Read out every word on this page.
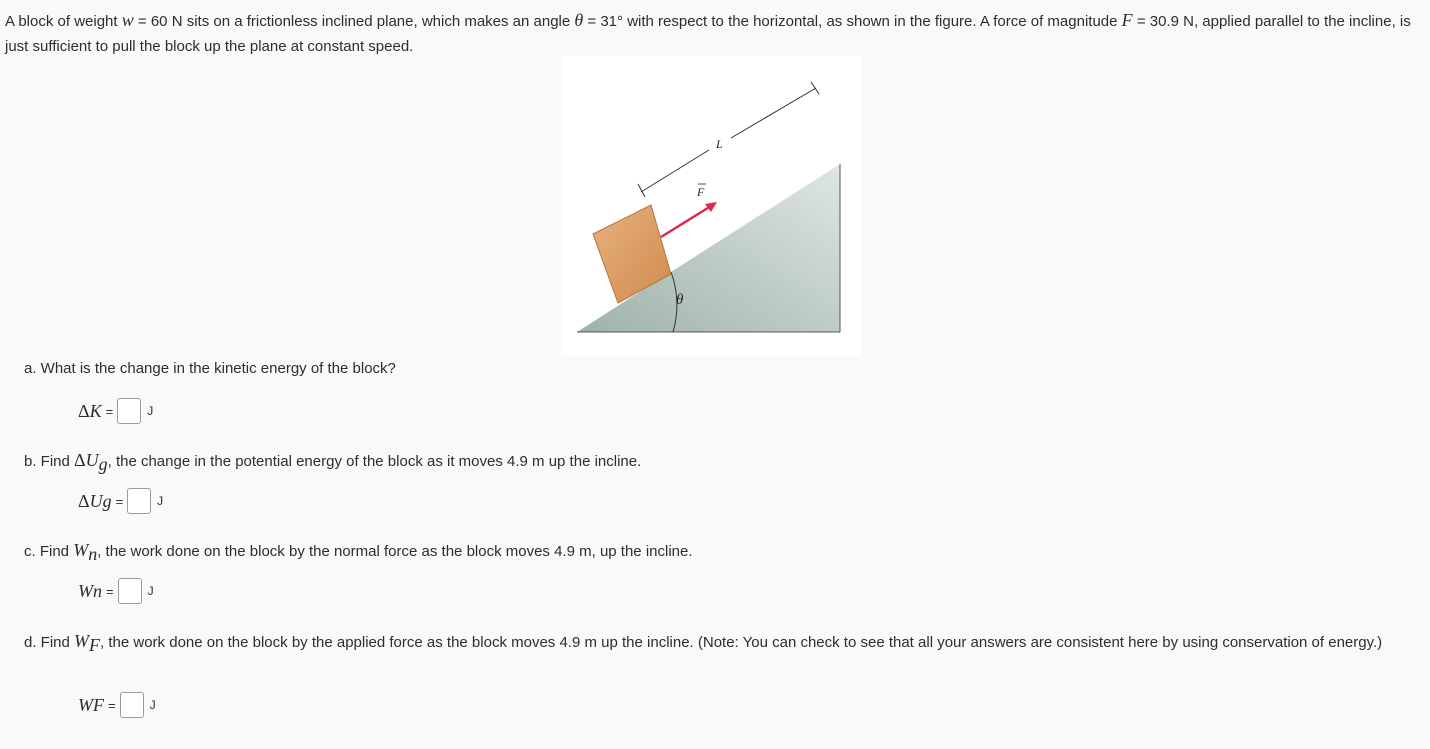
A block of weight w = 60 N sits on a frictionless inclined plane, which makes an angle θ = 31° with respect to the horizontal, as shown in the figure. A force of magnitude F = 30.9 N, applied parallel to the incline, is just sufficient to pull the block up the plane at constant speed.
θ
F
L
a. What is the change in the kinetic energy of the block?
Δ K =	J
b. Find $\Delta U_g$, the change in the potential energy of the block as it moves 4.9 m up the incline.
Δ U g =	J
c. Find $W_n$, the work done on the block by the normal force as the block moves 4.9 m, up the incline.
W n =	J
d. Find $W_F$, the work done on the block by the applied force as the block moves 4.9 m up the incline. (Note: You can check to see that all your answers are consistent here by using conservation of energy.)
W F =	J
